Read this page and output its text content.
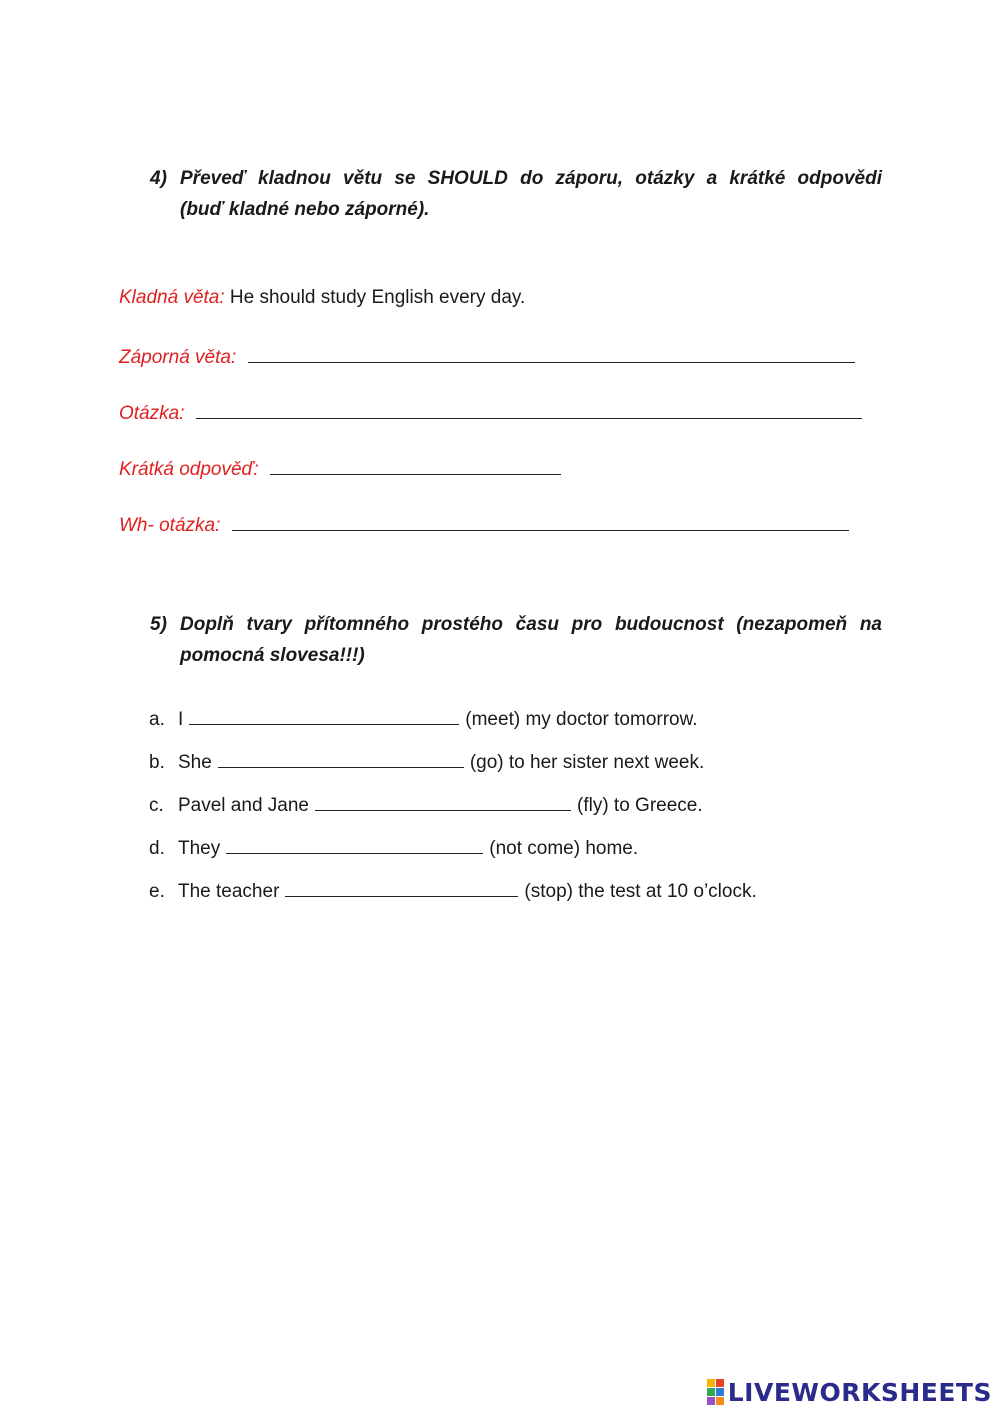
4) Převeď kladnou větu se SHOULD do záporu, otázky a krátké odpovědi
(buď kladné nebo záporné).
Kladná věta: He should study English every day.
Záporná věta:
Otázka:
Krátká odpověď:
Wh- otázka:
5) Doplň tvary přítomného prostého času pro budoucnost (nezapomeň na
pomocná slovesa!!!)
a. I	(meet) my doctor tomorrow.
b. She	(go) to her sister next week.
c. Pavel and Jane	(fly) to Greece.
d. They	(not come) home.
e. The teacher	(stop) the test at 10 o’clock.
LIVEWORKSHEETS
